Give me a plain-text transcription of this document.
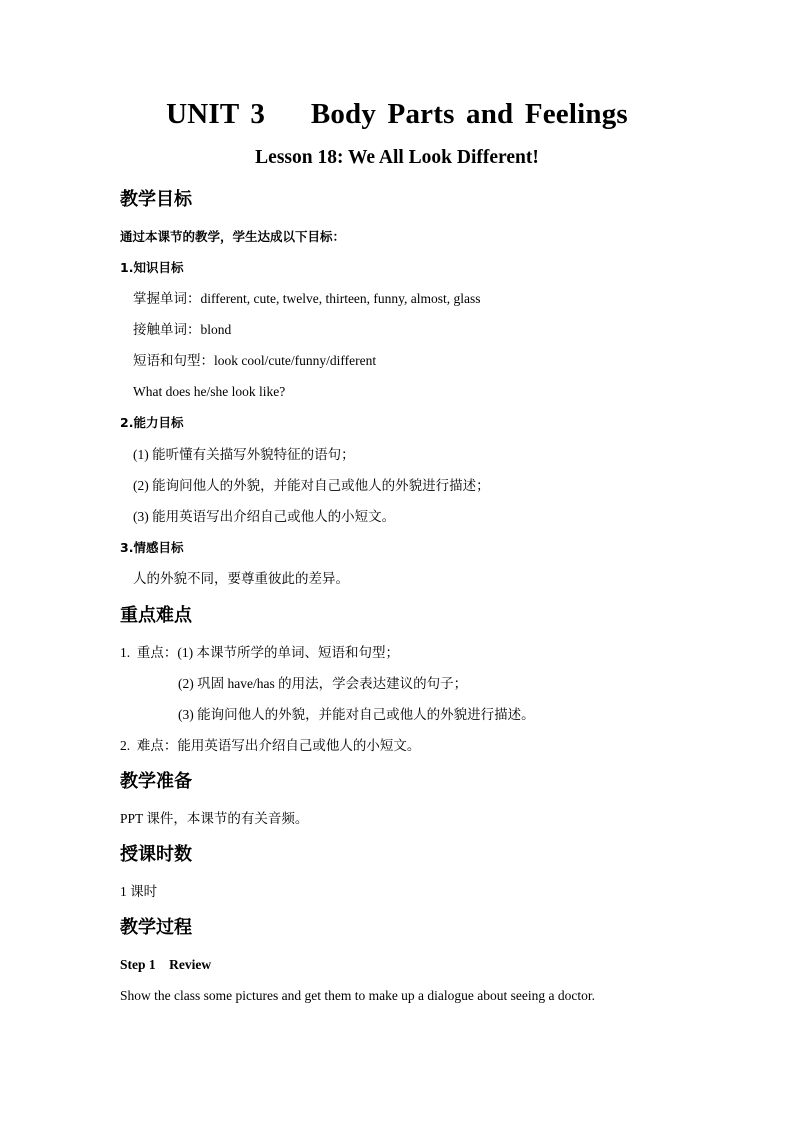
UNIT 3    Body Parts and Feelings
Lesson 18: We All Look Different!
教学目标
通过本课节的教学，学生达成以下目标：
1.知识目标
掌握单词：different, cute, twelve, thirteen, funny, almost, glass
接触单词：blond
短语和句型：look cool/cute/funny/different
What does he/she look like?
2.能力目标
(1) 能听懂有关描写外貌特征的语句；
(2) 能询问他人的外貌，并能对自己或他人的外貌进行描述；
(3) 能用英语写出介绍自己或他人的小短文。
3.情感目标
人的外貌不同，要尊重彼此的差异。
重点难点
1.  重点：(1) 本课节所学的单词、短语和句型；
(2) 巩固 have/has 的用法，学会表达建议的句子；
(3) 能询问他人的外貌，并能对自己或他人的外貌进行描述。
2.  难点：能用英语写出介绍自己或他人的小短文。
教学准备
PPT 课件，本课节的有关音频。
授课时数
1 课时
教学过程
Step 1    Review
Show the class some pictures and get them to make up a dialogue about seeing a doctor.
